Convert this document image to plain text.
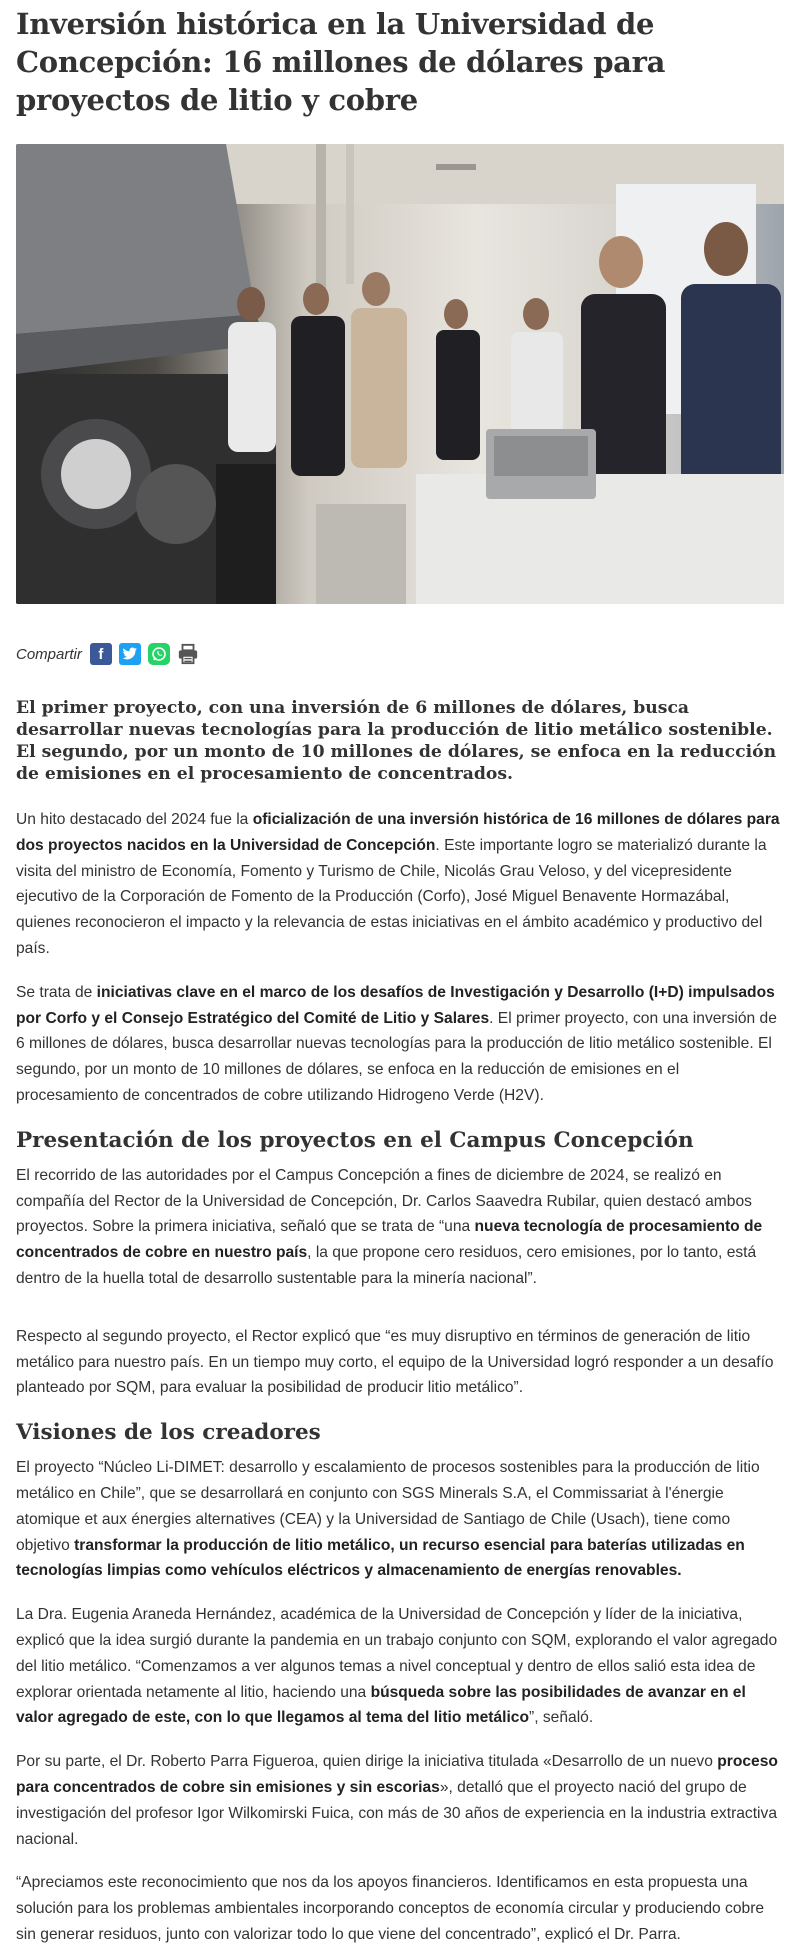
Inversión histórica en la Universidad de Concepción: 16 millones de dólares para proyectos de litio y cobre
Compartir	f
El primer proyecto, con una inversión de 6 millones de dólares, busca desarrollar nuevas tecnologías para la producción de litio metálico sostenible. El segundo, por un monto de 10 millones de dólares, se enfoca en la reducción de emisiones en el procesamiento de concentrados.

Un hito destacado del 2024 fue la oficialización de una inversión histórica de 16 millones de dólares para dos proyectos nacidos en la Universidad de Concepción. Este importante logro se materializó durante la visita del ministro de Economía, Fomento y Turismo de Chile, Nicolás Grau Veloso, y del vicepresidente ejecutivo de la Corporación de Fomento de la Producción (Corfo), José Miguel Benavente Hormazábal, quienes reconocieron el impacto y la relevancia de estas iniciativas en el ámbito académico y productivo del país.

Se trata de iniciativas clave en el marco de los desafíos de Investigación y Desarrollo (I+D) impulsados por Corfo y el Consejo Estratégico del Comité de Litio y Salares. El primer proyecto, con una inversión de 6 millones de dólares, busca desarrollar nuevas tecnologías para la producción de litio metálico sostenible. El segundo, por un monto de 10 millones de dólares, se enfoca en la reducción de emisiones en el procesamiento de concentrados de cobre utilizando Hidrogeno Verde (H2V).

Presentación de los proyectos en el Campus Concepción

El recorrido de las autoridades por el Campus Concepción a fines de diciembre de 2024, se realizó en compañía del Rector de la Universidad de Concepción, Dr. Carlos Saavedra Rubilar, quien destacó ambos proyectos. Sobre la primera iniciativa, señaló que se trata de “una nueva tecnología de procesamiento de concentrados de cobre en nuestro país, la que propone cero residuos, cero emisiones, por lo tanto, está dentro de la huella total de desarrollo sustentable para la minería nacional”.

Respecto al segundo proyecto, el Rector explicó que “es muy disruptivo en términos de generación de litio metálico para nuestro país. En un tiempo muy corto, el equipo de la Universidad logró responder a un desafío planteado por SQM, para evaluar la posibilidad de producir litio metálico”.

Visiones de los creadores

El proyecto “Núcleo Li-DIMET: desarrollo y escalamiento de procesos sostenibles para la producción de litio metálico en Chile”, que se desarrollará en conjunto con SGS Minerals S.A, el Commissariat à l'énergie atomique et aux énergies alternatives (CEA) y la Universidad de Santiago de Chile (Usach), tiene como objetivo transformar la producción de litio metálico, un recurso esencial para baterías utilizadas en tecnologías limpias como vehículos eléctricos y almacenamiento de energías renovables.

La Dra. Eugenia Araneda Hernández, académica de la Universidad de Concepción y líder de la iniciativa, explicó que la idea surgió durante la pandemia en un trabajo conjunto con SQM, explorando el valor agregado del litio metálico. “Comenzamos a ver algunos temas a nivel conceptual y dentro de ellos salió esta idea de explorar orientada netamente al litio, haciendo una búsqueda sobre las posibilidades de avanzar en el valor agregado de este, con lo que llegamos al tema del litio metálico”, señaló.

Por su parte, el Dr. Roberto Parra Figueroa, quien dirige la iniciativa titulada «Desarrollo de un nuevo proceso para concentrados de cobre sin emisiones y sin escorias», detalló que el proyecto nació del grupo de investigación del profesor Igor Wilkomirski Fuica, con más de 30 años de experiencia en la industria extractiva nacional.

“Apreciamos este reconocimiento que nos da los apoyos financieros. Identificamos en esta propuesta una solución para los problemas ambientales incorporando conceptos de economía circular y produciendo cobre sin generar residuos, junto con valorizar todo lo que viene del concentrado”, explicó el Dr. Parra.
